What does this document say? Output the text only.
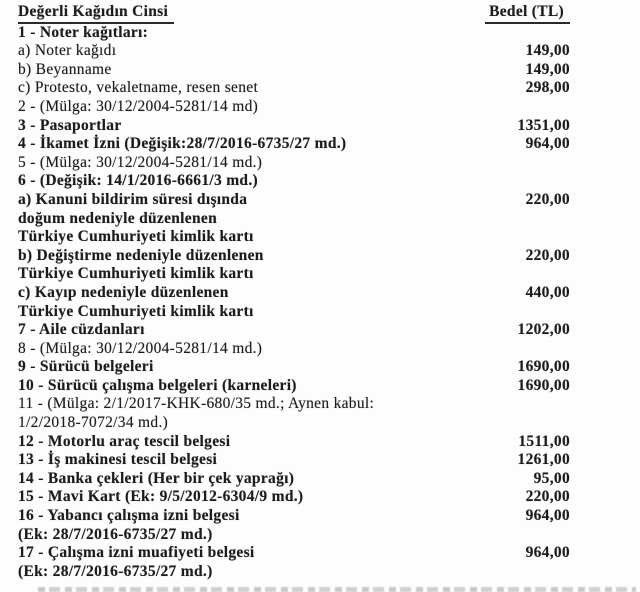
Değerli Kağıdın Cinsi	Bedel (TL)
1 - Noter kağıtları:
a) Noter kağıdı	149,00
b) Beyanname	149,00
c) Protesto, vekaletname, resen senet	298,00
2 - (Mülga: 30/12/2004-5281/14 md)
3 - Pasaportlar	1351,00
4 - İkamet İzni (Değişik:28/7/2016-6735/27 md.)	964,00
5 - (Mülga: 30/12/2004-5281/14 md.)
6 - (Değişik: 14/1/2016-6661/3 md.)
a) Kanuni bildirim süresi dışında	220,00
doğum nedeniyle düzenlenen
Türkiye Cumhuriyeti kimlik kartı
b) Değiştirme nedeniyle düzenlenen	220,00
Türkiye Cumhuriyeti kimlik kartı
c) Kayıp nedeniyle düzenlenen	440,00
Türkiye Cumhuriyeti kimlik kartı
7 - Aile cüzdanları	1202,00
8 - (Mülga: 30/12/2004-5281/14 md.)
9 - Sürücü belgeleri	1690,00
10 - Sürücü çalışma belgeleri (karneleri)	1690,00
11 - (Mülga: 2/1/2017-KHK-680/35 md.; Aynen kabul:
1/2/2018-7072/34 md.)
12 - Motorlu araç tescil belgesi	1511,00
13 - İş makinesi tescil belgesi	1261,00
14 - Banka çekleri (Her bir çek yaprağı)	95,00
15 - Mavi Kart (Ek: 9/5/2012-6304/9 md.)	220,00
16 - Yabancı çalışma izni belgesi	964,00
(Ek: 28/7/2016-6735/27 md.)
17 - Çalışma izni muafiyeti belgesi	964,00
(Ek: 28/7/2016-6735/27 md.)
